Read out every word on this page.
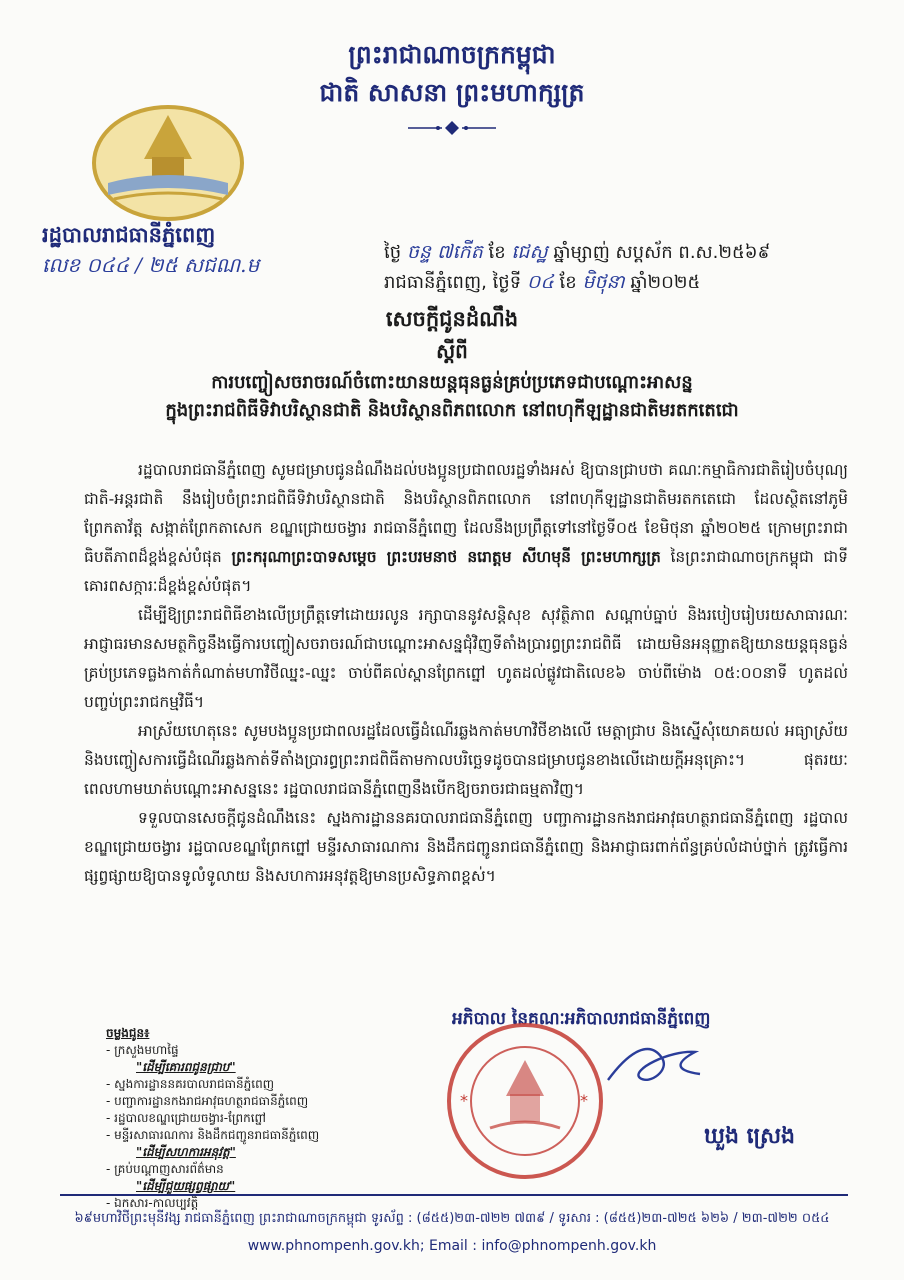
ព្រះរាជាណាចក្រកម្ពុជា
ជាតិ សាសនា ព្រះមហាក្សត្រ
រដ្ឋបាលរាជធានីភ្នំពេញ
លេខ ០៤៤ / ២៥ សជណ.ម
ថ្ងៃ ចន្ទ ៧កើត ខែ ជេស្ឋ ឆ្នាំម្សាញ់ សប្តស័ក ព.ស.២៥៦៩
រាជធានីភ្នំពេញ, ថ្ងៃទី ០៤ ខែ មិថុនា ឆ្នាំ២០២៥
សេចក្តីជូនដំណឹង
ស្តីពី
ការបញ្ចៀសចរាចរណ៍ចំពោះយានយន្តធុនធ្ងន់គ្រប់ប្រភេទជាបណ្តោះអាសន្ន
ក្នុងព្រះរាជពិធីទិវាបរិស្ថានជាតិ និងបរិស្ថានពិភពលោក នៅពហុកីឡដ្ឋានជាតិមរតកតេជោ

រដ្ឋបាលរាជធានីភ្នំពេញ សូមជម្រាបជូនដំណឹងដល់បងប្អូនប្រជាពលរដ្ឋទាំងអស់ ឱ្យបានជ្រាបថា គណៈកម្មាធិការជាតិរៀបចំបុណ្យជាតិ-អន្តរជាតិ នឹងរៀបចំព្រះរាជពិធីទិវាបរិស្ថានជាតិ និងបរិស្ថានពិភពលោក នៅពហុកីឡដ្ឋានជាតិមរតកតេជោ ដែលស្ថិតនៅភូមិព្រែកតាវ័ត្ត សង្កាត់ព្រែកតាសេក ខណ្ឌជ្រោយចង្វារ រាជធានីភ្នំពេញ ដែលនឹងប្រព្រឹត្តទៅនៅថ្ងៃទី០៥ ខែមិថុនា ឆ្នាំ២០២៥ ក្រោមព្រះរាជាធិបតីភាពដ៏ខ្ពង់ខ្ពស់បំផុត ព្រះករុណាព្រះបាទសម្តេច ព្រះបរមនាថ នរោត្តម សីហមុនី ព្រះមហាក្សត្រ នៃព្រះរាជាណាចក្រកម្ពុជា ជាទីគោរពសក្ការៈដ៏ខ្ពង់ខ្ពស់បំផុត។

ដើម្បីឱ្យព្រះរាជពិធីខាងលើប្រព្រឹត្តទៅដោយរលូន រក្សាបាននូវសន្តិសុខ សុវត្ថិភាព សណ្តាប់ធ្នាប់ និងរបៀបរៀបរយសាធារណៈ អាជ្ញាធរមានសមត្ថកិច្ចនឹងធ្វើការបញ្ចៀសចរាចរណ៍ជាបណ្តោះអាសន្នជុំវិញទីតាំងប្រារព្ធព្រះរាជពិធី ដោយមិនអនុញ្ញាតឱ្យយានយន្តធុនធ្ងន់គ្រប់ប្រភេទធ្លងកាត់កំណាត់មហាវិថីឈ្នះ-ឈ្នះ ចាប់ពីគល់ស្ពានព្រែកព្នៅ ហូតដល់ផ្លូវជាតិលេខ៦ ចាប់ពីម៉ោង ០៥:០០នាទី ហូតដល់បញ្ចប់ព្រះរាជកម្មវិធី។

អាស្រ័យហេតុនេះ សូមបងប្អូនប្រជាពលរដ្ឋដែលធ្វើដំណើរឆ្លងកាត់មហាវិថីខាងលើ មេត្តាជ្រាប និងស្នើសុំយោគយល់ អធ្យាស្រ័យ និងបញ្ចៀសការធ្វើដំណើរឆ្លងកាត់ទីតាំងប្រារព្ធព្រះរាជពិធីតាមកាលបរិច្ឆេទដូចបានជម្រាបជូនខាងលើដោយក្តីអនុគ្រោះ។ ផុតរយៈពេលហាមឃាត់បណ្តោះអាសន្ននេះ រដ្ឋបាលរាជធានីភ្នំពេញនឹងបើកឱ្យចរាចរជាធម្មតាវិញ។

ទទួលបានសេចក្តីជូនដំណឹងនេះ ស្នងការដ្ឋាននគរបាលរាជធានីភ្នំពេញ បញ្ជាការដ្ឋានកងរាជអាវុធហត្ថរាជធានីភ្នំពេញ រដ្ឋបាលខណ្ឌជ្រោយចង្វារ រដ្ឋបាលខណ្ឌព្រែកព្នៅ មន្ទីរសាធារណការ និងដឹកជញ្ជូនរាជធានីភ្នំពេញ និងអាជ្ញាធរពាក់ព័ន្ធគ្រប់លំដាប់ថ្នាក់ ត្រូវធ្វើការផ្សព្វផ្សាយឱ្យបានទូលំទូលាយ និងសហការអនុវត្តឱ្យមានប្រសិទ្ធភាពខ្ពស់។

ចម្លងជូន៖
- ក្រសួងមហាផ្ទៃ
"ដើម្បីគោរពជូនជ្រាប"
- ស្នងការដ្ឋាននគរបាលរាជធានីភ្នំពេញ
- បញ្ជាការដ្ឋានកងរាជអាវុធហត្ថរាជធានីភ្នំពេញ
- រដ្ឋបាលខណ្ឌជ្រោយចង្វារ-ព្រែកព្នៅ
- មន្ទីរសាធារណការ និងដឹកជញ្ជូនរាជធានីភ្នំពេញ
"ដើម្បីសហការអនុវត្ត"
- គ្រប់បណ្តាញសារព័ត៌មាន
"ដើម្បីជួយផ្សព្វផ្សាយ"
- ឯកសារ-កាលប្បវត្តិ
អភិបាល នៃគណៈអភិបាលរាជធានីភ្នំពេញ
*	*
ឃួង ស្រេង
៦៩មហាវិថីព្រះមុនីវង្ស រាជធានីភ្នំពេញ ព្រះរាជាណាចក្រកម្ពុជា ទូរស័ព្ទ : (៨៥៥)២៣-៧២២ ៧៣៩ / ទូរសារ : (៨៥៥)២៣-៧២៥ ៦២៦ / ២៣-៧២២ ០៥៤
www.phnompenh.gov.kh; Email : info@phnompenh.gov.kh
